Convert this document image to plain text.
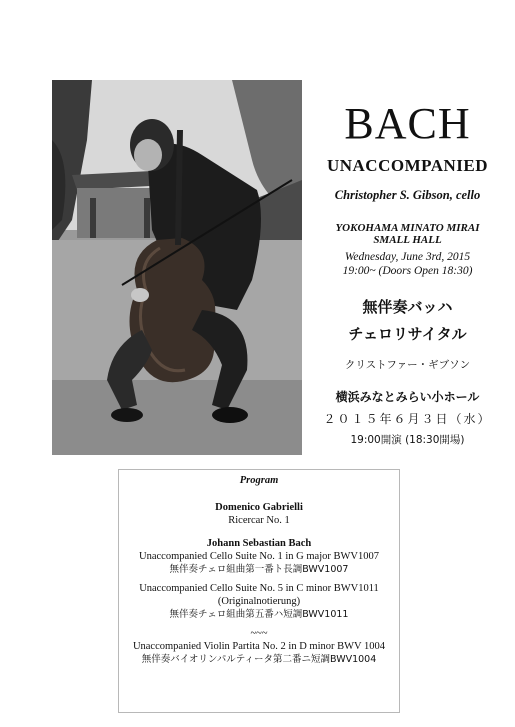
BACH
UNACCOMPANIED
Christopher S. Gibson, cello
YOKOHAMA MINATO MIRAI
SMALL HALL
Wednesday, June 3rd, 2015
19:00~ (Doors Open 18:30)
無伴奏バッハ
チェロリサイタル
クリストファー・ギブソン
横浜みなとみらい小ホール
２０１５年６月３日（水）
19:00開演 (18:30開場)
Program
Domenico Gabrielli
Ricercar No. 1
Johann Sebastian Bach
Unaccompanied Cello Suite No. 1 in G major BWV1007
無伴奏チェロ組曲第一番ト長調BWV1007
Unaccompanied Cello Suite No. 5 in C minor BWV1011
(Originalnotierung)
無伴奏チェロ組曲第五番ハ短調BWV1011
~~~
Unaccompanied Violin Partita No. 2 in D minor BWV 1004
無伴奏バイオリンパルティータ第二番ニ短調BWV1004
